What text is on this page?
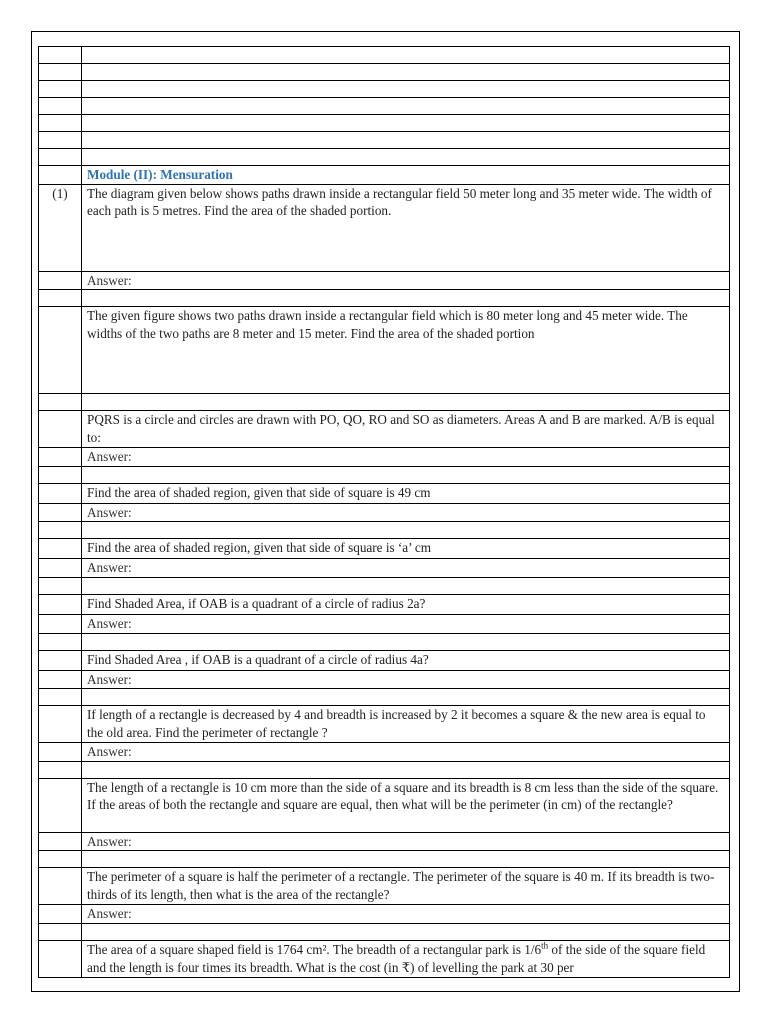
	Module (II): Mensuration
(1)	The diagram given below shows paths drawn inside a rectangular field 50 meter long and 35 meter wide. The width of each path is 5 metres. Find the area of the shaded portion.
	Answer:

	The given figure shows two paths drawn inside a rectangular field which is 80 meter long and 45 meter wide. The widths of the two paths are 8 meter and 15 meter. Find the area of the shaded portion

	PQRS is a circle and circles are drawn with PO, QO, RO and SO as diameters. Areas A and B are marked. A/B is equal to:
	Answer:

	Find the area of shaded region, given that side of square is 49 cm
	Answer:

	Find the area of shaded region, given that side of square is ‘a’ cm
	Answer:

	Find Shaded Area, if OAB is a quadrant of a circle of radius 2a?
	Answer:

	Find Shaded Area , if OAB is a quadrant of a circle of radius 4a?
	Answer:

	If length of a rectangle is decreased by 4 and breadth is increased by 2 it becomes a square & the new area is equal to the old area. Find the perimeter of rectangle ?
	Answer:

	The length of a rectangle is 10 cm more than the side of a square and its breadth is 8 cm less than the side of the square. If the areas of both the rectangle and square are equal, then what will be the perimeter (in cm) of the rectangle?
	Answer:

	The perimeter of a square is half the perimeter of a rectangle. The perimeter of the square is 40 m. If its breadth is two-thirds of its length, then what is the area of the rectangle?
	Answer:

	The area of a square shaped field is 1764 cm². The breadth of a rectangular park is 1/6th of the side of the square field and the length is four times its breadth. What is the cost (in ₹) of levelling the park at 30 per
